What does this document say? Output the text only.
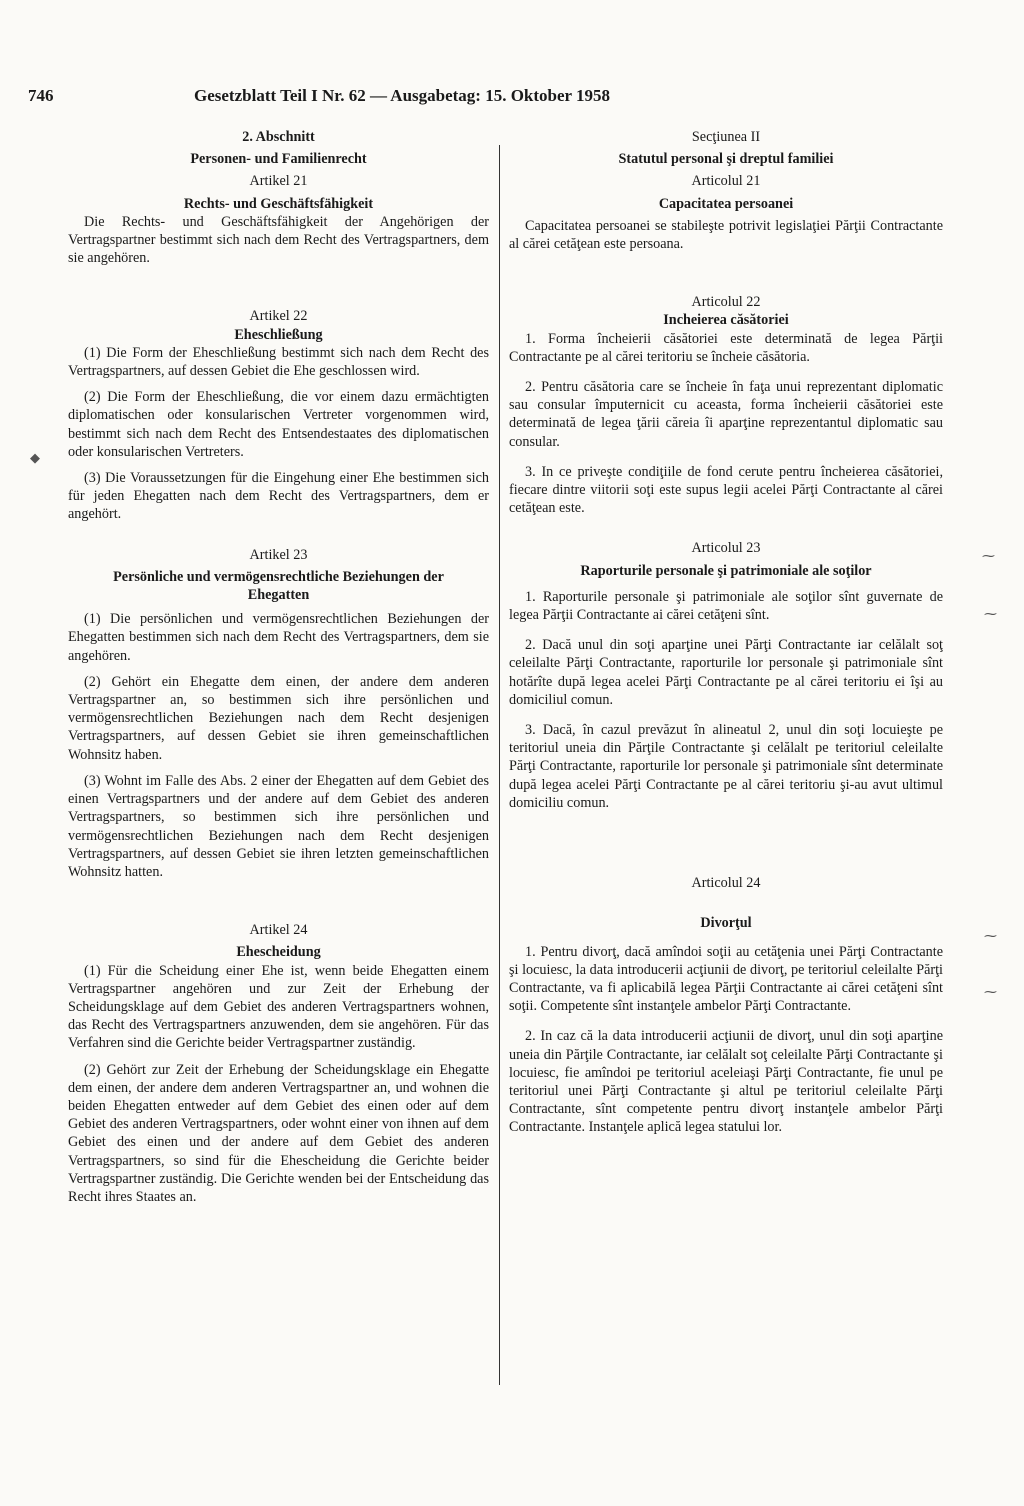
746	Gesetzblatt Teil I Nr. 62 — Ausgabetag: 15. Oktober 1958
2. Abschnitt
Personen- und Familienrecht
Artikel 21
Rechts- und Geschäftsfähigkeit

Die Rechts- und Geschäftsfähigkeit der Angehörigen der Vertragspartner bestimmt sich nach dem Recht des Vertragspartners, dem sie angehören.

Artikel 22
Eheschließung

(1) Die Form der Eheschließung bestimmt sich nach dem Recht des Vertragspartners, auf dessen Gebiet die Ehe geschlossen wird.

(2) Die Form der Eheschließung, die vor einem dazu ermächtigten diplomatischen oder konsularischen Vertreter vorgenommen wird, bestimmt sich nach dem Recht des Entsendestaates des diplomatischen oder konsularischen Vertreters.

(3) Die Voraussetzungen für die Eingehung einer Ehe bestimmen sich für jeden Ehegatten nach dem Recht des Vertragspartners, dem er angehört.

Artikel 23
Persönliche und vermögensrechtliche Beziehungen der Ehegatten

(1) Die persönlichen und vermögensrechtlichen Beziehungen der Ehegatten bestimmen sich nach dem Recht des Vertragspartners, dem sie angehören.

(2) Gehört ein Ehegatte dem einen, der andere dem anderen Vertragspartner an, so bestimmen sich ihre persönlichen und vermögensrechtlichen Beziehungen nach dem Recht desjenigen Vertragspartners, auf dessen Gebiet sie ihren gemeinschaftlichen Wohnsitz haben.

(3) Wohnt im Falle des Abs. 2 einer der Ehegatten auf dem Gebiet des einen Vertragspartners und der andere auf dem Gebiet des anderen Vertragspartners, so bestimmen sich ihre persönlichen und vermögensrechtlichen Beziehungen nach dem Recht desjenigen Vertragspartners, auf dessen Gebiet sie ihren letzten gemeinschaftlichen Wohnsitz hatten.

Artikel 24
Ehescheidung

(1) Für die Scheidung einer Ehe ist, wenn beide Ehegatten einem Vertragspartner angehören und zur Zeit der Erhebung der Scheidungsklage auf dem Gebiet des anderen Vertragspartners wohnen, das Recht des Vertragspartners anzuwenden, dem sie angehören. Für das Verfahren sind die Gerichte beider Vertragspartner zuständig.

(2) Gehört zur Zeit der Erhebung der Scheidungsklage ein Ehegatte dem einen, der andere dem anderen Vertragspartner an, und wohnen die beiden Ehegatten entweder auf dem Gebiet des einen oder auf dem Gebiet des anderen Vertragspartners, oder wohnt einer von ihnen auf dem Gebiet des einen und der andere auf dem Gebiet des anderen Vertragspartners, so sind für die Ehescheidung die Gerichte beider Vertragspartner zuständig. Die Gerichte wenden bei der Entscheidung das Recht ihres Staates an.

Secţiunea II
Statutul personal şi dreptul familiei
Articolul 21
Capacitatea persoanei

Capacitatea persoanei se stabileşte potrivit legislaţiei Părţii Contractante al cărei cetăţean este persoana.

Articolul 22
Incheierea căsătoriei

1. Forma încheierii căsătoriei este determinată de legea Părţii Contractante pe al cărei teritoriu se încheie căsătoria.

2. Pentru căsătoria care se încheie în faţa unui reprezentant diplomatic sau consular împuternicit cu aceasta, forma încheierii căsătoriei este determinată de legea ţării căreia îi aparţine reprezentantul diplomatic sau consular.

3. In ce priveşte condiţiile de fond cerute pentru încheierea căsătoriei, fiecare dintre viitorii soţi este supus legii acelei Părţi Contractante al cărei cetăţean este.

Articolul 23
Raporturile personale şi patrimoniale ale soţilor

1. Raporturile personale şi patrimoniale ale soţilor sînt guvernate de legea Părţii Contractante ai cărei cetăţeni sînt.

2. Dacă unul din soţi aparţine unei Părţi Contractante iar celălalt soţ celeilalte Părţi Contractante, raporturile lor personale şi patrimoniale sînt hotărîte după legea acelei Părţi Contractante pe al cărei teritoriu ei îşi au domiciliul comun.

3. Dacă, în cazul prevăzut în alineatul 2, unul din soţi locuieşte pe teritoriul uneia din Părţile Contractante şi celălalt pe teritoriul celeilalte Părţi Contractante, raporturile lor personale şi patrimoniale sînt determinate după legea acelei Părţi Contractante pe al cărei teritoriu şi-au avut ultimul domiciliu comun.

Articolul 24
Divorţul

1. Pentru divorţ, dacă amîndoi soţii au cetăţenia unei Părţi Contractante şi locuiesc, la data introducerii acţiunii de divorţ, pe teritoriul celeilalte Părţi Contractante, va fi aplicabilă legea Părţii Contractante ai cărei cetăţeni sînt soţii. Competente sînt instanţele ambelor Părţi Contractante.

2. In caz că la data introducerii acţiunii de divorţ, unul din soţi aparţine uneia din Părţile Contractante, iar celălalt soţ celeilalte Părţi Contractante şi locuiesc, fie amîndoi pe teritoriul aceleiaşi Părţi Contractante, fie unul pe teritoriul unei Părţi Contractante şi altul pe teritoriul celeilalte Părţi Contractante, sînt competente pentru divorţ instanţele ambelor Părţi Contractante. Instanţele aplică legea statului lor.

◆
⁓
⁓
⁓
⁓
